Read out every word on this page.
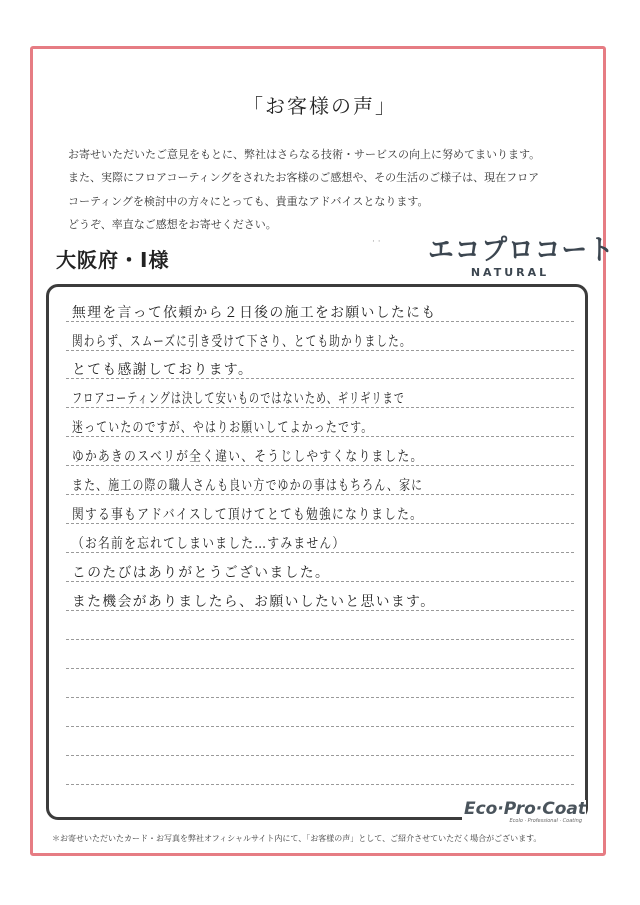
「お客様の声」
お寄せいただいたご意見をもとに、弊社はさらなる技術・サービスの向上に努めてまいります。
また、実際にフロアコーティングをされたお客様のご感想や、その生活のご様子は、現在フロア
コーティングを検討中の方々にとっても、貴重なアドバイスとなります。
どうぞ、率直なご感想をお寄せください。
大阪府・I様
· · エコプロコート
NATURAL
無理を言って依頼から２日後の施工をお願いしたにも
関わらず、スムーズに引き受けて下さり、とても助かりました。
とても感謝しております。
フロアコーティングは決して安いものではないため、ギリギリまで
迷っていたのですが、やはりお願いしてよかったです。
ゆかあきのスベリが全く違い、そうじしやすくなりました。
また、施工の際の職人さんも良い方でゆかの事はもちろん、家に
関する事もアドバイスして頂けてとても勉強になりました。
（お名前を忘れてしまいました…すみません）
このたびはありがとうございました。
また機会がありましたら、お願いしたいと思います。
Eco·Pro·Coat
Ecolo · Professional · Coating
＊お寄せいただいたカード・お写真を弊社オフィシャルサイト内にて、「お客様の声」として、ご紹介させていただく場合がございます。
